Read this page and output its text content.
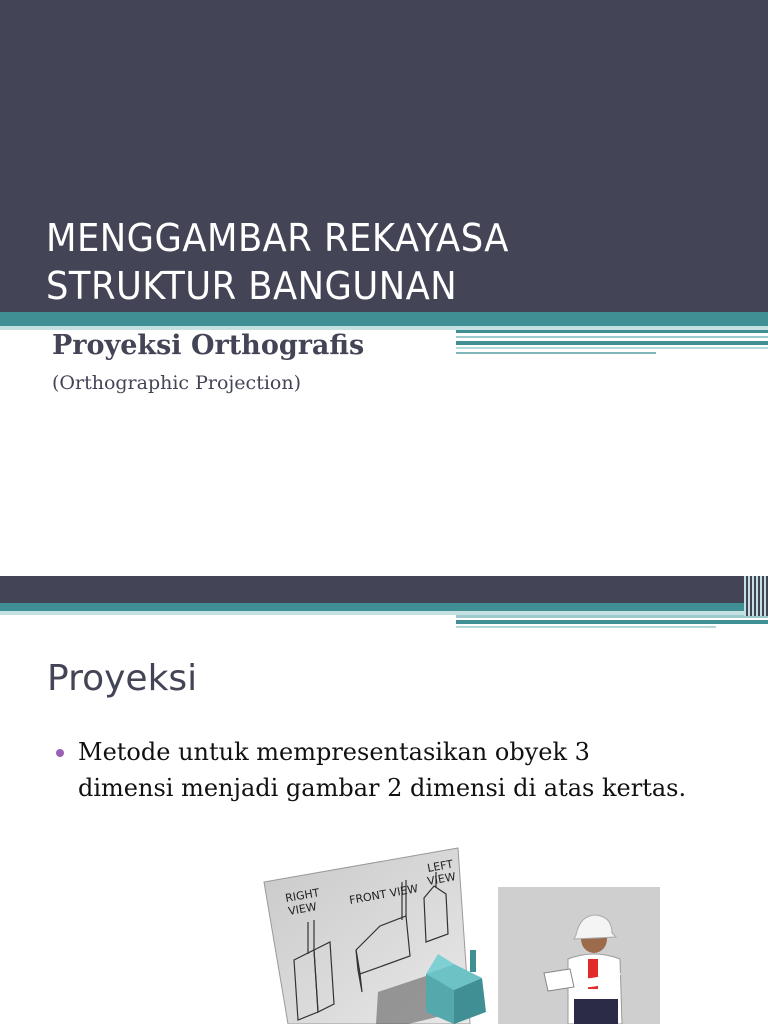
MENGGAMBAR REKAYASA
STRUKTUR BANGUNAN
Proyeksi Orthografis

(Orthographic Projection)

Proyeksi
Metode untuk mempresentasikan obyek 3 dimensi menjadi gambar 2 dimensi di atas kertas.
RIGHT
VIEW
FRONT VIEW
LEFT
VIEW
